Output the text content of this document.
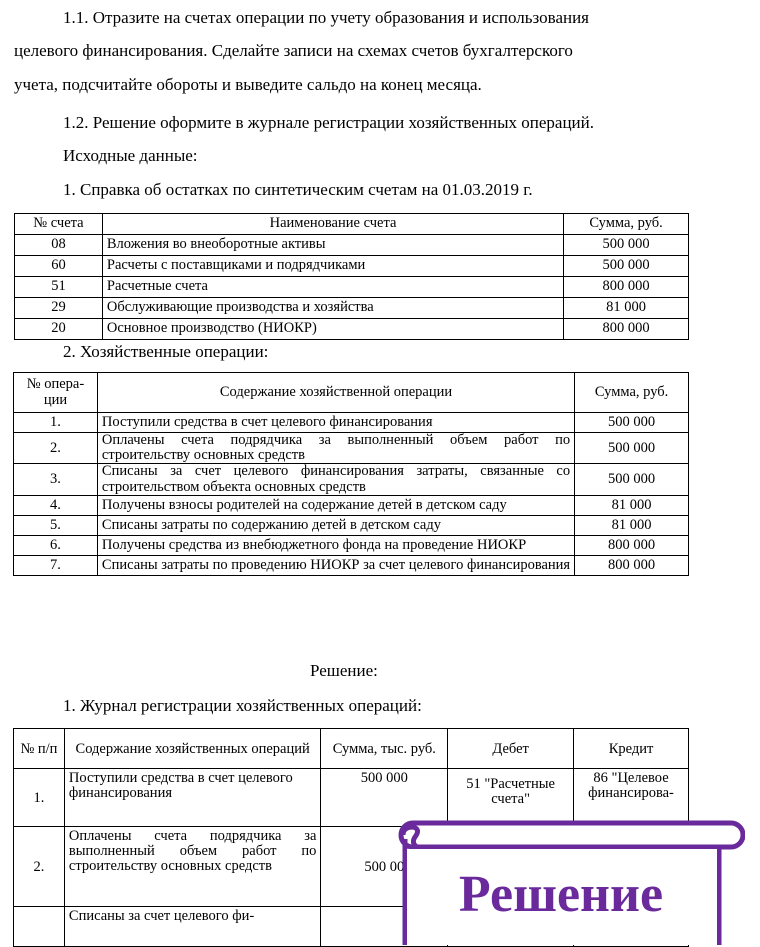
1.1. Отразите на счетах операции по учету образования и использования
целевого финансирования. Сделайте записи на схемах счетов бухгалтерского
учета, подсчитайте обороты и выведите сальдо на конец месяца.
1.2. Решение оформите в журнале регистрации хозяйственных операций.
Исходные данные:
1. Справка об остатках по синтетическим счетам на 01.03.2019 г.
№ счета	Наименование счета	Сумма, руб.
08	Вложения во внеоборотные активы	500 000
60	Расчеты с поставщиками и подрядчиками	500 000
51	Расчетные счета	800 000
29	Обслуживающие производства и хозяйства	81 000
20	Основное производство (НИОКР)	800 000
2. Хозяйственные операции:
№ опера-ции	Содержание хозяйственной операции	Сумма, руб.
1.	Поступили средства в счет целевого финансирования	500 000
2.	Оплачены счета подрядчика за выполненный объем работ по строительству основных средств	500 000
3.	Списаны за счет целевого финансирования затраты, связанные со строительством объекта основных средств	500 000
4.	Получены взносы родителей на содержание детей в детском саду	81 000
5.	Списаны затраты по содержанию детей в детском саду	81 000
6.	Получены средства из внебюджетного фонда на проведение НИОКР	800 000
7.	Списаны затраты по проведению НИОКР за счет целевого финансирования	800 000
Решение:
1. Журнал регистрации хозяйственных операций:
№ п/п	Содержание хозяйственных операций	Сумма, тыс. руб.	Дебет	Кредит
1.	Поступили средства в счет целевого финансирования	500 000	51 "Расчетные счета"	86 "Целевое финансирова-
2.	Оплачены счета подрядчика за выполненный объем работ по строительству основных средств	500 00		
	Списаны за счет целевого фи-				Решение
